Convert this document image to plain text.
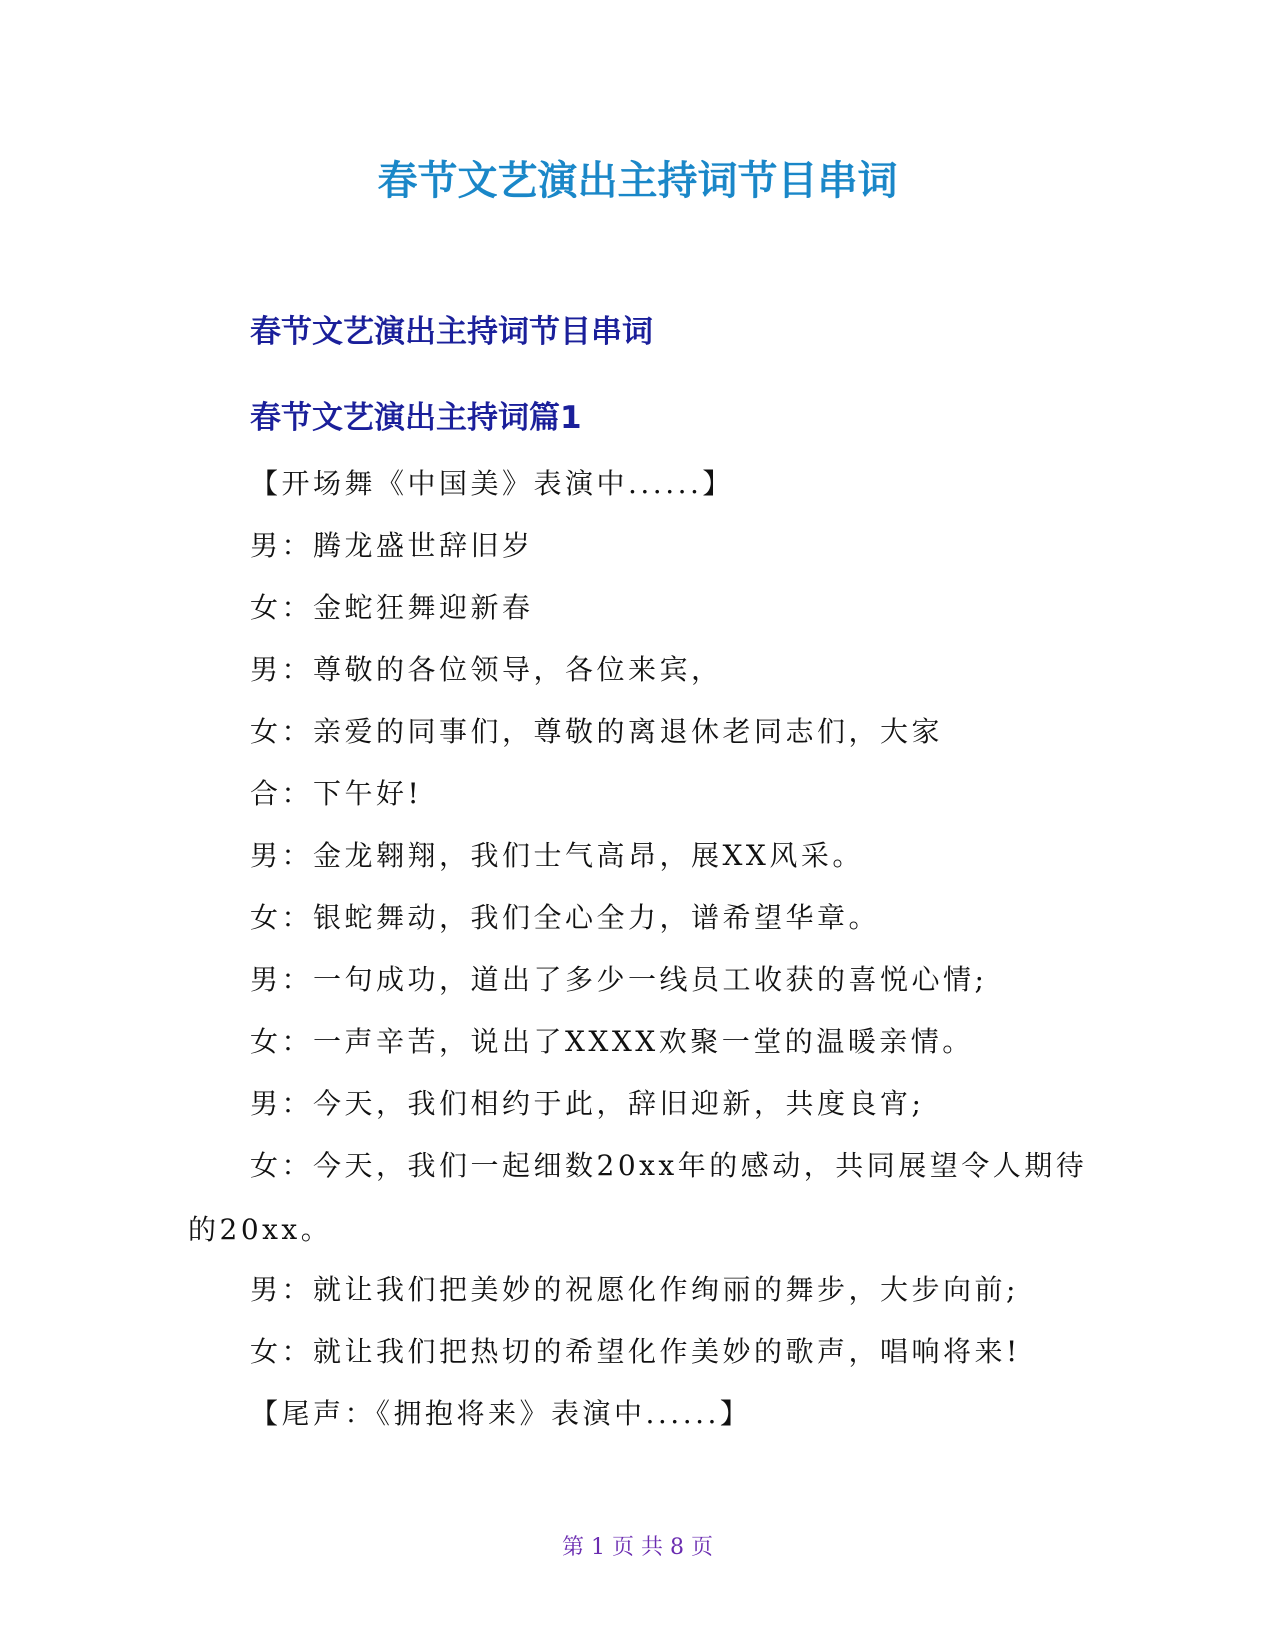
春节文艺演出主持词节目串词
春节文艺演出主持词节目串词
春节文艺演出主持词篇1

【开场舞《中国美》表演中......】

男：腾龙盛世辞旧岁

女：金蛇狂舞迎新春

男：尊敬的各位领导，各位来宾，

女：亲爱的同事们，尊敬的离退休老同志们，大家

合：下午好!

男：金龙翱翔，我们士气高昂，展XX风采。

女：银蛇舞动，我们全心全力，谱希望华章。

男：一句成功，道出了多少一线员工收获的喜悦心情;

女：一声辛苦，说出了XXXX欢聚一堂的温暖亲情。

男：今天，我们相约于此，辞旧迎新，共度良宵;

女：今天，我们一起细数20xx年的感动，共同展望令人期待的20xx。

男：就让我们把美妙的祝愿化作绚丽的舞步，大步向前;

女：就让我们把热切的希望化作美妙的歌声，唱响将来!

【尾声：《拥抱将来》表演中......】

第 1 页 共 8 页
